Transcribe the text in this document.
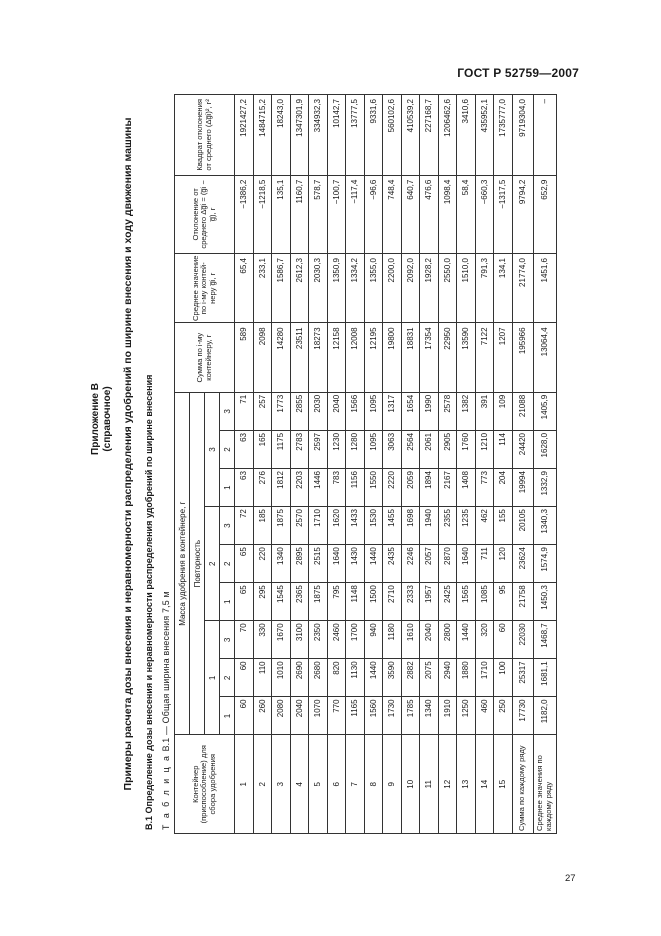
ГОСТ Р 52759—2007
Приложение В (справочное) Примеры расчета дозы внесения и неравномерности распределения удобрений по ширине внесения и ходу движения машины В.1 Определение дозы внесения и неравномерности распределения удобрений по ширине внесения Т а б л и ц а В.1 — Общая ширина внесения 7,5 м
Контейнер (приспособление) для сбора удобрения	Масса удобрения в контейнере, г									Сумма по i-му контейнеру, г	Среднее значение по i-му контей-неру g̅i, г	Отклонение от среднего Δg̅i = (g̅i − g̅), г	Квадрат отклонения от среднего (Δg̅i)², г²
	Повторность												
	1			2			3						
	1	2	3	1	2	3	1	2	3				
1	60	60	70	65	65	72	63	63	71	589	65,4	−1386,2	1921427,2
2	260	110	330	295	220	185	276	165	257	2098	233,1	−1218,5	1484715,2
3	2080	1010	1670	1545	1340	1875	1812	1175	1773	14280	1586,7	135,1	18243,0
4	2040	2690	3100	2365	2895	2570	2203	2783	2855	23511	2612,3	1160,7	1347301,9
5	1070	2680	2350	1875	2515	1710	1446	2597	2030	18273	2030,3	578,7	334932,3
6	770	820	2460	795	1640	1620	783	1230	2040	12158	1350,9	−100,7	10142,7
7	1165	1130	1700	1148	1430	1433	1156	1280	1566	12008	1334,2	−117,4	13777,5
8	1560	1440	940	1500	1440	1530	1550	1095	1095	12195	1355,0	−96,6	9331,6
9	1730	3590	1180	2710	2435	1455	2220	3063	1317	19800	2200,0	748,4	560102,6
10	1785	2882	1610	2333	2246	1698	2059	2564	1654	18831	2092,0	640,7	410539,2
11	1340	2075	2040	1957	2057	1940	1894	2061	1990	17354	1928,2	476,6	227168,7
12	1910	2940	2800	2425	2870	2355	2167	2905	2578	22950	2550,0	1098,4	1206462,6
13	1250	1880	1440	1565	1640	1235	1408	1760	1382	13590	1510,0	58,4	3410,6
14	460	1710	320	1085	711	462	773	1210	391	7122	791,3	−660,3	435952,1
15	250	100	60	95	120	155	204	114	109	1207	134,1	−1317,5	1735777,0
Сумма по каждому ряду	17730	25317	22030	21758	23624	20105	19994	24420	21088	195966	21774,0	9794,2	9719304,0
Среднее значения по каждому ряду	1182,0	1681,1	1468,7	1450,3	1574,9	1340,3	1332,9	1628,0	1405,9	13064,4	1451,6	652,9	–
27
